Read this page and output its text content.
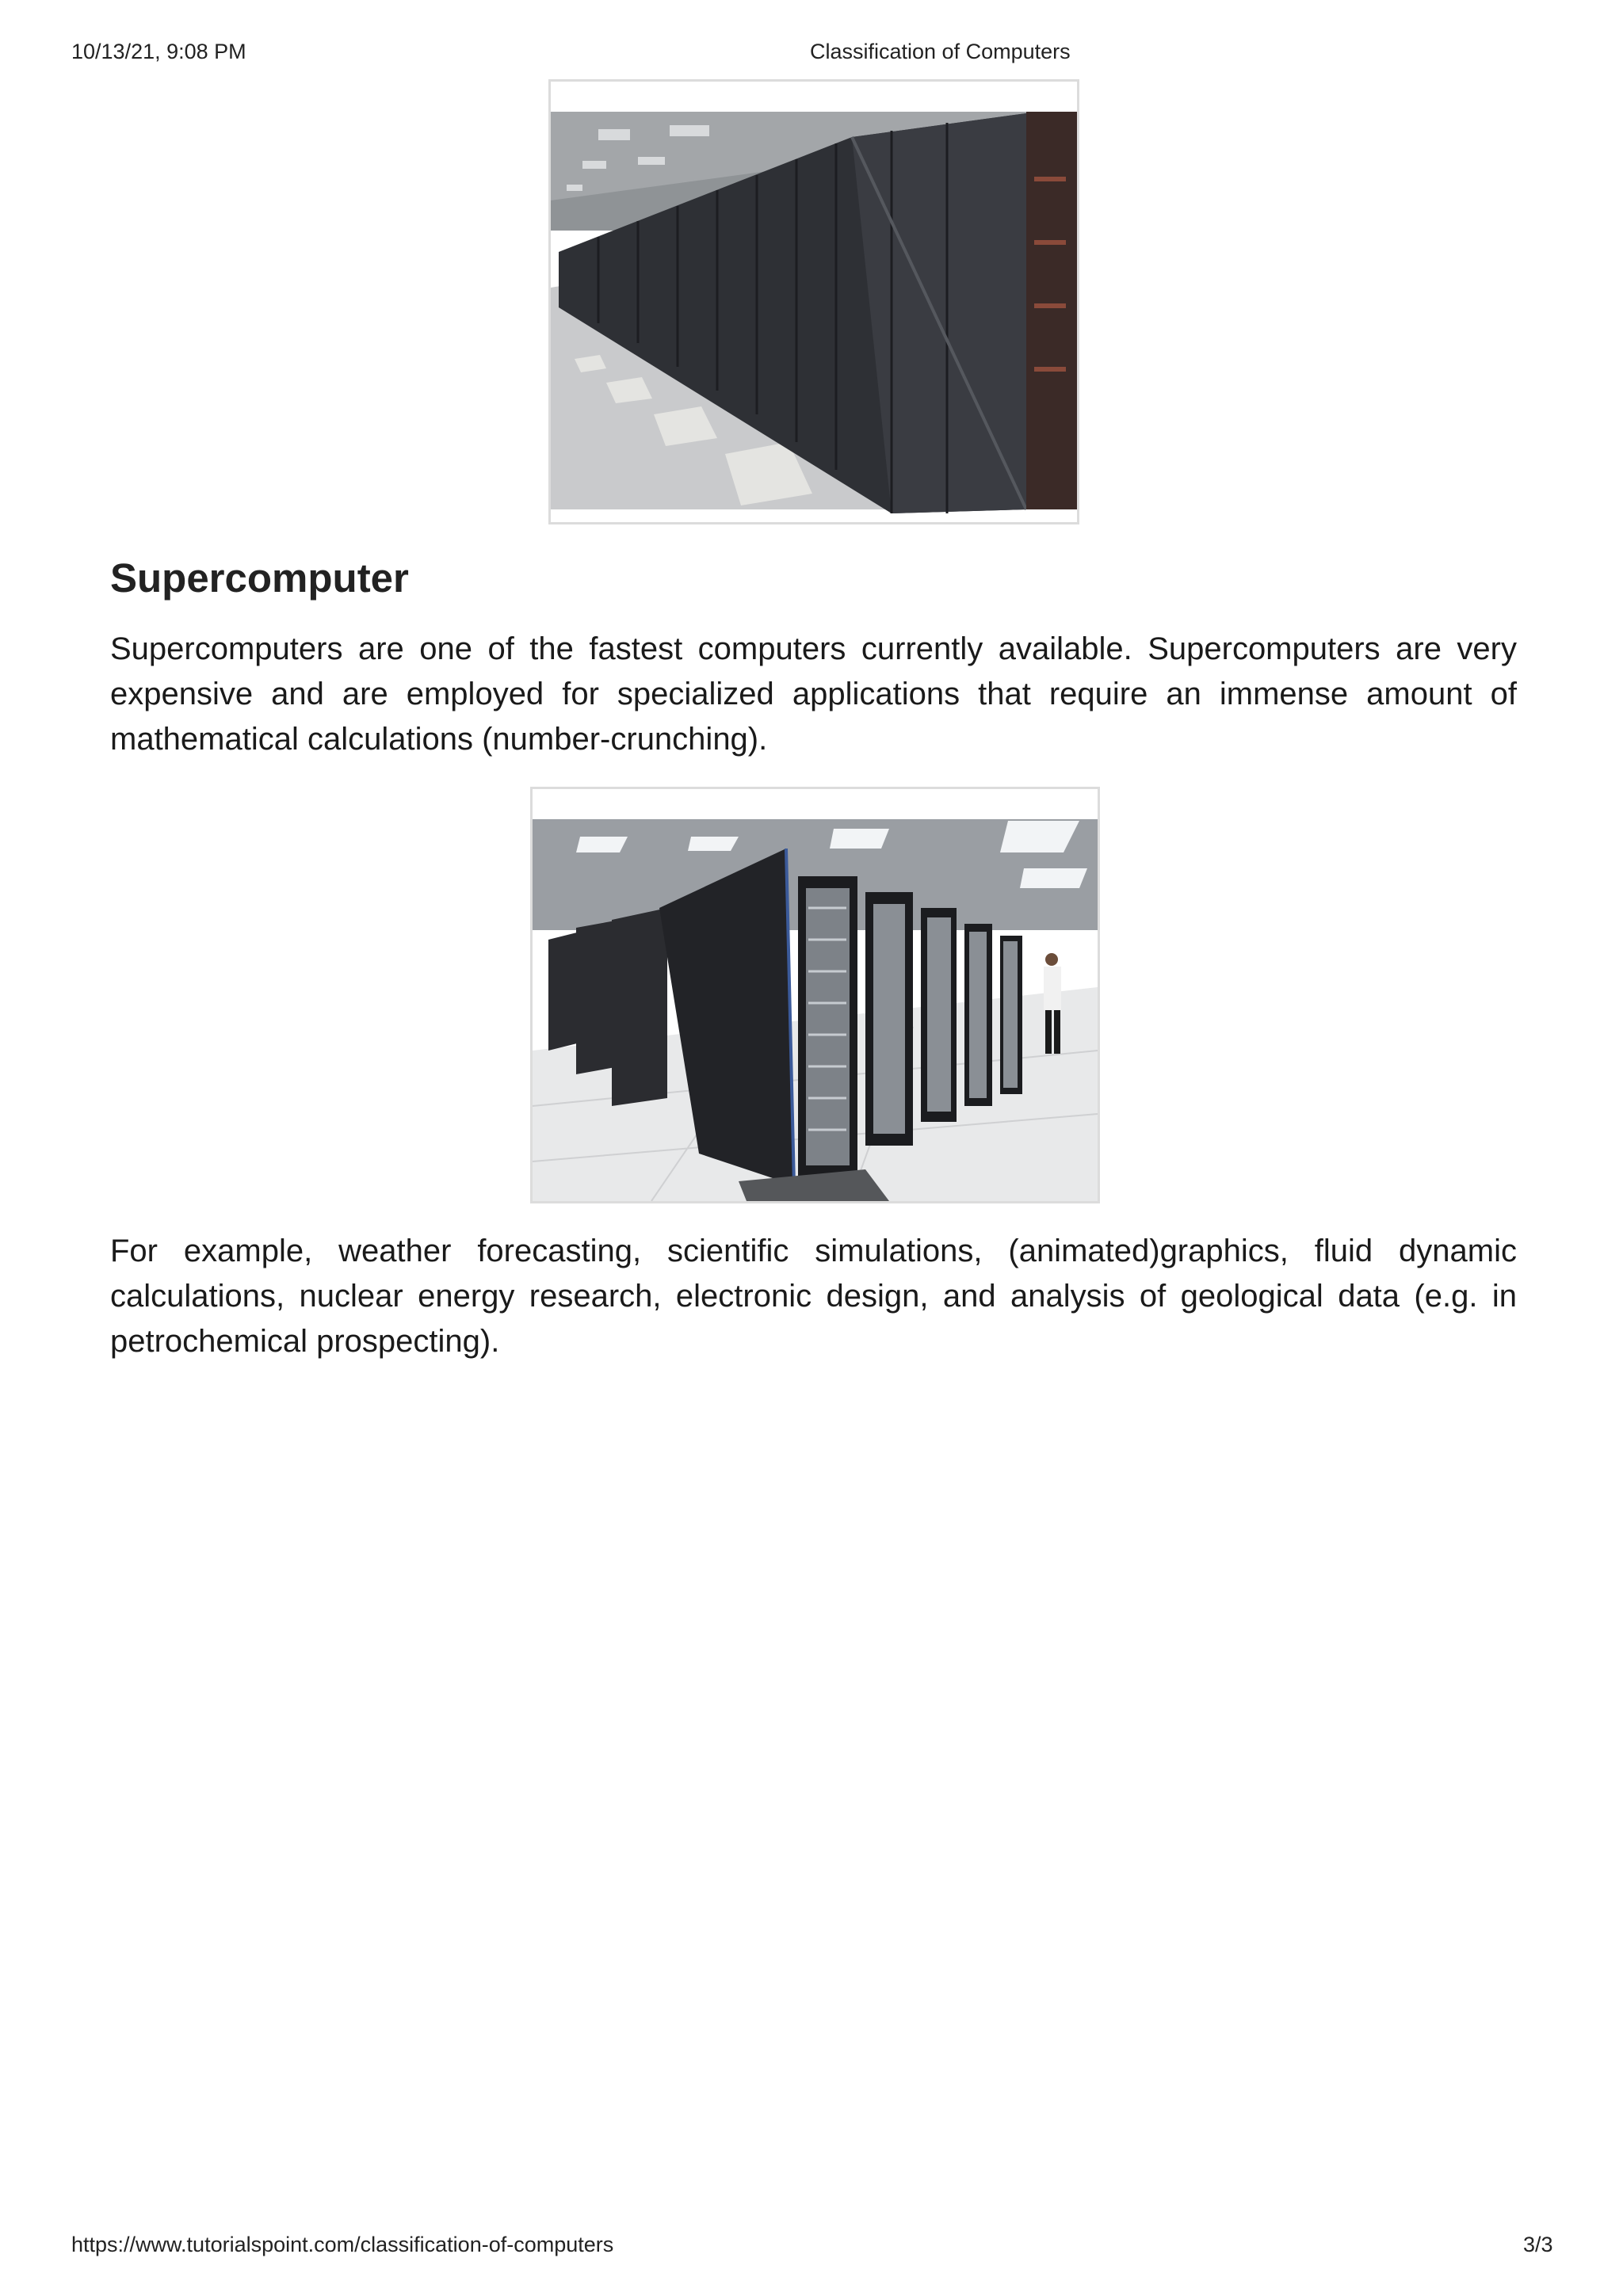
10/13/21, 9:08 PM	Classification of Computers
Supercomputer

Supercomputers are one of the fastest computers currently available. Supercomputers are very expensive and are employed for specialized applications that require an immense amount of mathematical calculations (number-crunching).

For example, weather forecasting, scientific simulations, (animated)graphics, fluid dynamic calculations, nuclear energy research, electronic design, and analysis of geological data (e.g. in petrochemical prospecting).

https://www.tutorialspoint.com/classification-of-computers	3/3
